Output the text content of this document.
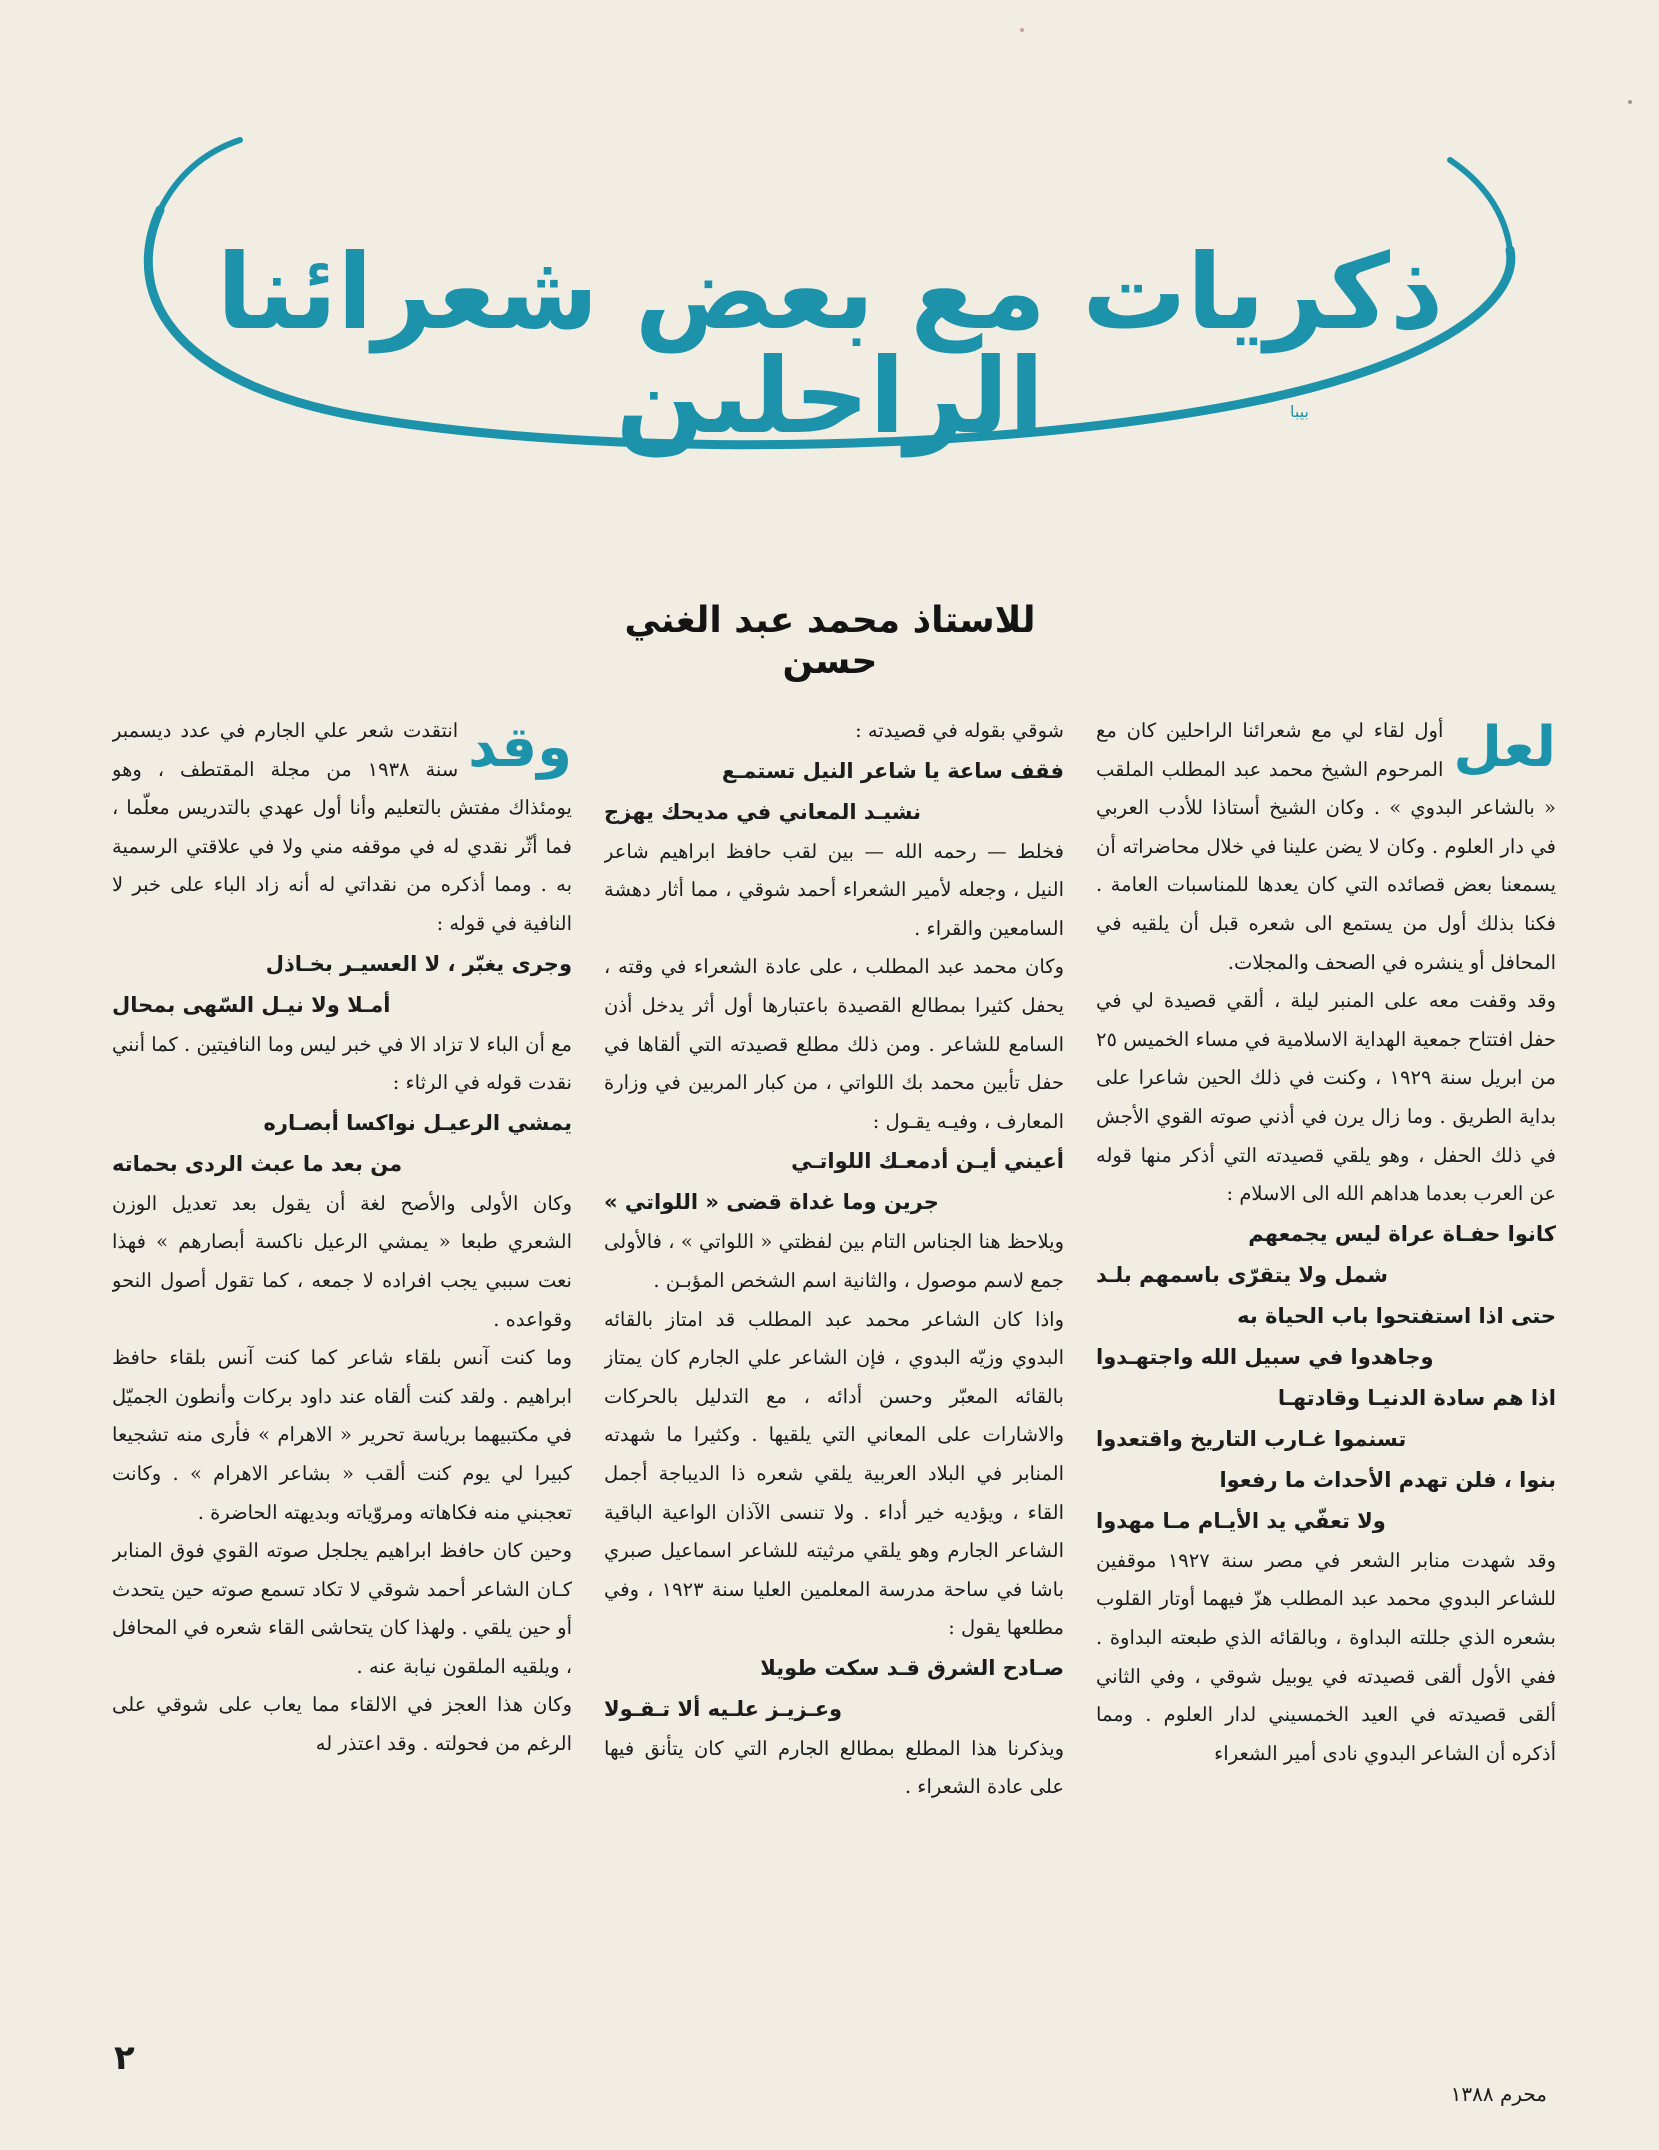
ذكريات مع بعض شعرائنا الراحلين	بيبا
للاستاذ محمد عبد الغني حسن

لعل
أول لقاء لي مع شعرائنا الراحلين كان مع المرحوم الشيخ محمد عبد المطلب الملقب « بالشاعر البدوي » . وكان الشيخ أستاذا للأدب العربي في دار العلوم . وكان لا يضن علينا في خلال محاضراته أن يسمعنا بعض قصائده التي كان يعدها للمناسبات العامة . فكنا بذلك أول من يستمع الى شعره قبل أن يلقيه في المحافل أو ينشره في الصحف والمجلات.

وقد وقفت معه على المنبر ليلة ، ألقي قصيدة لي في حفل افتتاح جمعية الهداية الاسلامية في مساء الخميس ٢٥ من ابريل سنة ١٩٢٩ ، وكنت في ذلك الحين شاعرا على بداية الطريق . وما زال يرن في أذني صوته القوي الأجش في ذلك الحفل ، وهو يلقي قصيدته التي أذكر منها قوله عن العرب بعدما هداهم الله الى الاسلام :

كانوا حفـاة عراة ليس يجمعهم

شمل ولا يتقرّى باسمهم بلـد

حتى اذا استفتحوا باب الحياة به

وجاهدوا في سبيل الله واجتهـدوا

اذا هم سادة الدنيـا وقادتهـا

تسنموا غـارب التاريخ واقتعدوا

بنوا ، فلن تهدم الأحداث ما رفعوا

ولا تعفّي يد الأيـام مـا مهدوا

وقد شهدت منابر الشعر في مصر سنة ١٩٢٧ موقفين للشاعر البدوي محمد عبد المطلب هزّ فيهما أوتار القلوب بشعره الذي جللته البداوة ، وبالقائه الذي طبعته البداوة . ففي الأول ألقى قصيدته في يوبيل شوقي ، وفي الثاني ألقى قصيدته في العيد الخمسيني لدار العلوم . ومما أذكره أن الشاعر البدوي نادى أمير الشعراء

شوقي بقوله في قصيدته :

فقف ساعة يا شاعر النيل تستمـع

نشيـد المعاني في مديحك يهزج

فخلط — رحمه الله — بين لقب حافظ ابراهيم شاعر النيل ، وجعله لأمير الشعراء أحمد شوقي ، مما أثار دهشة السامعين والقراء .

وكان محمد عبد المطلب ، على عادة الشعراء في وقته ، يحفل كثيرا بمطالع القصيدة باعتبارها أول أثر يدخل أذن السامع للشاعر . ومن ذلك مطلع قصيدته التي ألقاها في حفل تأبين محمد بك اللواتي ، من كبار المربين في وزارة المعارف ، وفيـه يقـول :

أعيني أيـن أدمعـك اللواتـي

جرين وما غداة قضى « اللواتي »

ويلاحظ هنا الجناس التام بين لفظتي « اللواتي » ، فالأولى جمع لاسم موصول ، والثانية اسم الشخص المؤبـن .

واذا كان الشاعر محمد عبد المطلب قد امتاز بالقائه البدوي وزيّه البدوي ، فإن الشاعر علي الجارم كان يمتاز بالقائه المعبّر وحسن أدائه ، مع التدليل بالحركات والاشارات على المعاني التي يلقيها . وكثيرا ما شهدته المنابر في البلاد العربية يلقي شعره ذا الديباجة أجمل القاء ، ويؤديه خير أداء . ولا تنسى الآذان الواعية الباقية الشاعر الجارم وهو يلقي مرثيته للشاعر اسماعيل صبري باشا في ساحة مدرسة المعلمين العليا سنة ١٩٢٣ ، وفي مطلعها يقول :

صـادح الشرق قـد سكت طويلا

وعـزيـز علـيه ألا تـقـولا

ويذكرنا هذا المطلع بمطالع الجارم التي كان يتأنق فيها على عادة الشعراء .

وقد
انتقدت شعر علي الجارم في عدد ديسمبر سنة ١٩٣٨ من مجلة المقتطف ، وهو يومئذاك مفتش بالتعليم وأنا أول عهدي بالتدريس معلّما ، فما أثّر نقدي له في موقفه مني ولا في علاقتي الرسمية به . ومما أذكره من نقداتي له أنه زاد الباء على خبر لا النافية في قوله :

وجرى يغبّر ، لا العسيـر بخـاذل

أمـلا ولا نيـل السّهى بمحال

مع أن الباء لا تزاد الا في خبر ليس وما النافيتين . كما أنني نقدت قوله في الرثاء :

يمشي الرعيـل نواكسا أبصـاره

من بعد ما عبث الردى بحماته

وكان الأولى والأصح لغة أن يقول بعد تعديل الوزن الشعري طبعا « يمشي الرعيل ناكسة أبصارهم » فهذا نعت سببي يجب افراده لا جمعه ، كما تقول أصول النحو وقواعده .

وما كنت آنس بلقاء شاعر كما كنت آنس بلقاء حافظ ابراهيم . ولقد كنت ألقاه عند داود بركات وأنطون الجميّل في مكتبيهما برياسة تحرير « الاهرام » فأرى منه تشجيعا كبيرا لي يوم كنت ألقب « بشاعر الاهرام » . وكانت تعجبني منه فكاهاته ومروّياته وبديهته الحاضرة .

وحين كان حافظ ابراهيم يجلجل صوته القوي فوق المنابر كـان الشاعر أحمد شوقي لا تكاد تسمع صوته حين يتحدث أو حين يلقي . ولهذا كان يتحاشى القاء شعره في المحافل ، ويلقيه الملقون نيابة عنه .

وكان هذا العجز في الالقاء مما يعاب على شوقي على الرغم من فحولته . وقد اعتذر له

٢
محرم ١٣٨٨
